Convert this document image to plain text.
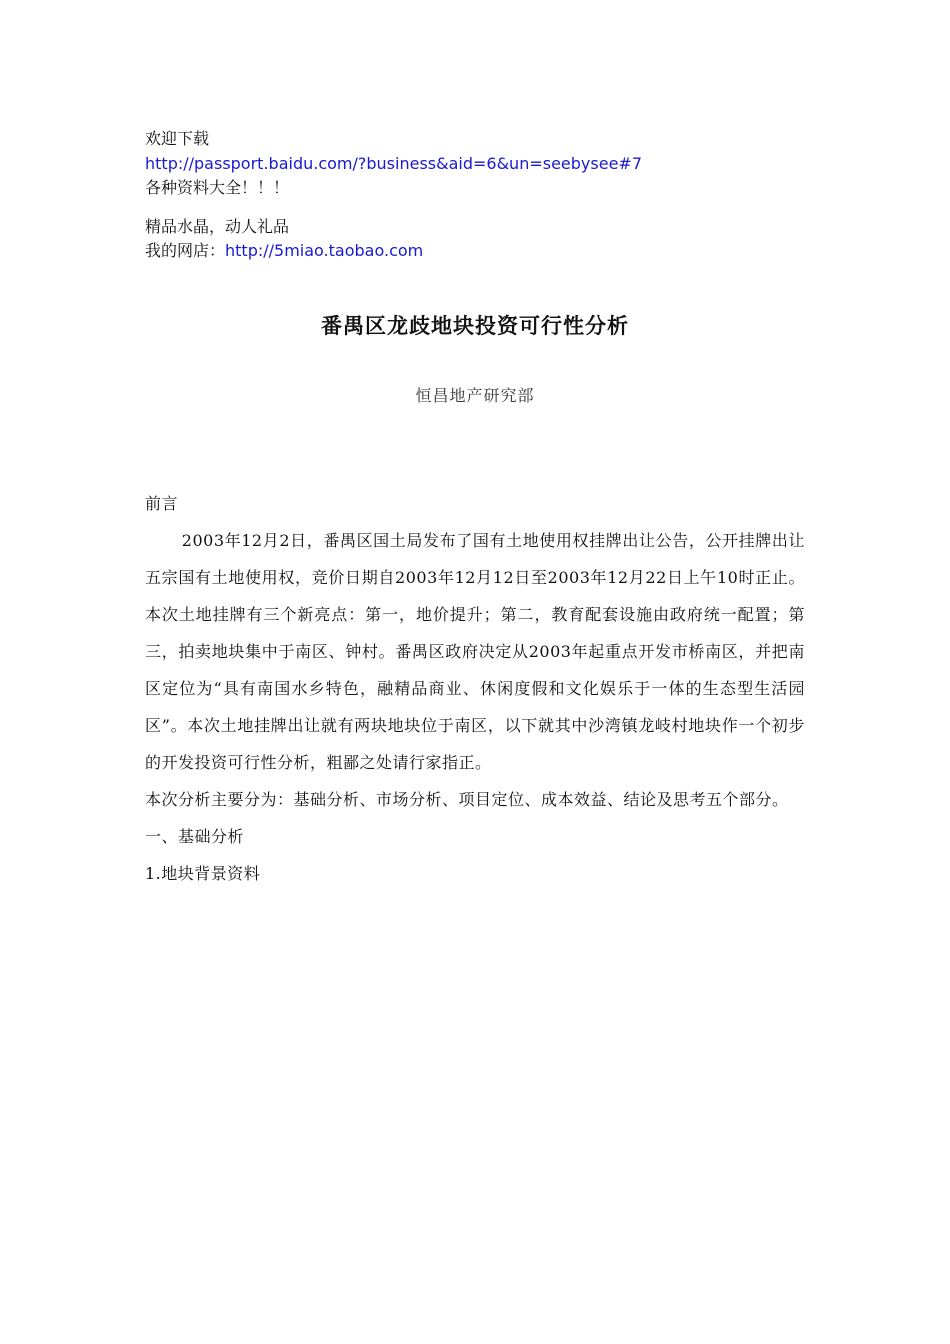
欢迎下载
http://passport.baidu.com/?business&aid=6&un=seebysee#7
各种资料大全！！！
精品水晶，动人礼品
我的网店：http://5miao.taobao.com
番禺区龙歧地块投资可行性分析
恒昌地产研究部

前言

2003年12月2日，番禺区国土局发布了国有土地使用权挂牌出让公告，公开挂牌出让五宗国有土地使用权，竞价日期自2003年12月12日至2003年12月22日上午10时正止。本次土地挂牌有三个新亮点：第一，地价提升；第二，教育配套设施由政府统一配置；第三，拍卖地块集中于南区、钟村。番禺区政府决定从2003年起重点开发市桥南区，并把南区定位为“具有南国水乡特色，融精品商业、休闲度假和文化娱乐于一体的生态型生活园区”。本次土地挂牌出让就有两块地块位于南区，以下就其中沙湾镇龙岐村地块作一个初步的开发投资可行性分析，粗鄙之处请行家指正。

本次分析主要分为：基础分析、市场分析、项目定位、成本效益、结论及思考五个部分。

一、基础分析

1.地块背景资料
